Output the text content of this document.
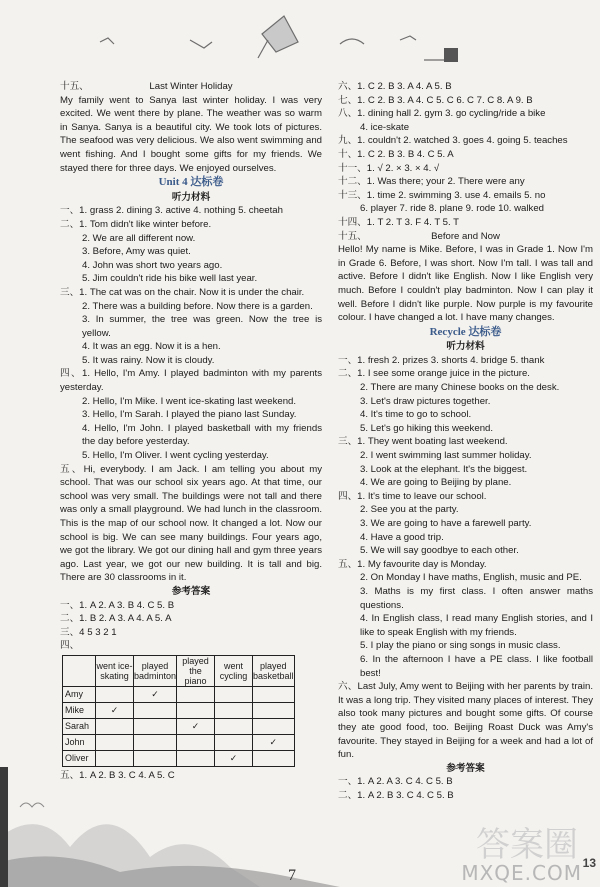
十五、	Last Winter Holiday

My family went to Sanya last winter holiday. I was very excited. We went there by plane. The weather was so warm in Sanya. Sanya is a beautiful city. We took lots of pictures. The seafood was very delicious. We also went swimming and went fishing. And I bought some gifts for my friends. We stayed there for three days. We enjoyed ourselves.

Unit 4 达标卷

听力材料

一、1. grass 2. dining 3. active 4. nothing 5. cheetah

二、1. Tom didn't like winter before.

2. We are all different now.

3. Before, Amy was quiet.

4. John was short two years ago.

5. Jim couldn't ride his bike well last year.

三、1. The cat was on the chair. Now it is under the chair.

2. There was a building before. Now there is a garden.

3. In summer, the tree was green. Now the tree is yellow.

4. It was an egg. Now it is a hen.

5. It was rainy. Now it is cloudy.

四、1. Hello, I'm Amy. I played badminton with my parents yesterday.

2. Hello, I'm Mike. I went ice-skating last weekend.

3. Hello, I'm Sarah. I played the piano last Sunday.

4. Hello, I'm John. I played basketball with my friends the day before yesterday.

5. Hello, I'm Oliver. I went cycling yesterday.

五、Hi, everybody. I am Jack. I am telling you about my school. That was our school six years ago. At that time, our school was very small. The buildings were not tall and there was only a small playground. We had lunch in the classroom. This is the map of our school now. It changed a lot. Now our school is big. We can see many buildings. Four years ago, we got the library. We got our dining hall and gym three years ago. Last year, we got our new building. It is tall and big. There are 30 classrooms in it.

参考答案

一、1. A 2. A 3. B 4. C 5. B

二、1. B 2. A 3. A 4. A 5. A

三、4 5 3 2 1

四、

	went ice-skating	played badminton	played the piano	went cycling	played basketball
Amy		✓			
Mike	✓				
Sarah			✓		
John					✓
Oliver				✓	

五、1. A 2. B 3. C 4. A 5. C

六、1. C 2. B 3. A 4. A 5. B

七、1. C 2. B 3. A 4. C 5. C 6. C 7. C 8. A 9. B

八、1. dining hall 2. gym 3. go cycling/ride a bike

4. ice-skate

九、1. couldn't 2. watched 3. goes 4. going 5. teaches

十、1. C 2. B 3. B 4. C 5. A

十一、1. √ 2. × 3. × 4. √

十二、1. Was there; your 2. There were any

十三、1. time 2. swimming 3. use 4. emails 5. no

6. player 7. ride 8. plane 9. rode 10. walked

十四、1. T 2. T 3. F 4. T 5. T

十五、	Before and Now

Hello! My name is Mike. Before, I was in Grade 1. Now I'm in Grade 6. Before, I was short. Now I'm tall. I was tall and active. Before I didn't like English. Now I like English very much. Before I couldn't play badminton. Now I can play it well. Before I didn't like purple. Now purple is my favourite colour. I have changed a lot. I have many changes.

Recycle 达标卷

听力材料

一、1. fresh 2. prizes 3. shorts 4. bridge 5. thank

二、1. I see some orange juice in the picture.

2. There are many Chinese books on the desk.

3. Let's draw pictures together.

4. It's time to go to school.

5. Let's go hiking this weekend.

三、1. They went boating last weekend.

2. I went swimming last summer holiday.

3. Look at the elephant. It's the biggest.

4. We are going to Beijing by plane.

四、1. It's time to leave our school.

2. See you at the party.

3. We are going to have a farewell party.

4. Have a good trip.

5. We will say goodbye to each other.

五、1. My favourite day is Monday.

2. On Monday I have maths, English, music and PE.

3. Maths is my first class. I often answer maths questions.

4. In English class, I read many English stories, and I like to speak English with my friends.

5. I play the piano or sing songs in music class.

6. In the afternoon I have a PE class. I like football best!

六、Last July, Amy went to Beijing with her parents by train. It was a long trip. They visited many places of interest. They also took many pictures and bought some gifts. Of course they ate good food, too. Beijing Roast Duck was Amy's favourite. They stayed in Beijing for a week and had a lot of fun.

参考答案

一、1. A 2. A 3. C 4. C 5. B

二、1. A 2. B 3. C 4. C 5. B

答案圈
MXQE.COM 13
7
